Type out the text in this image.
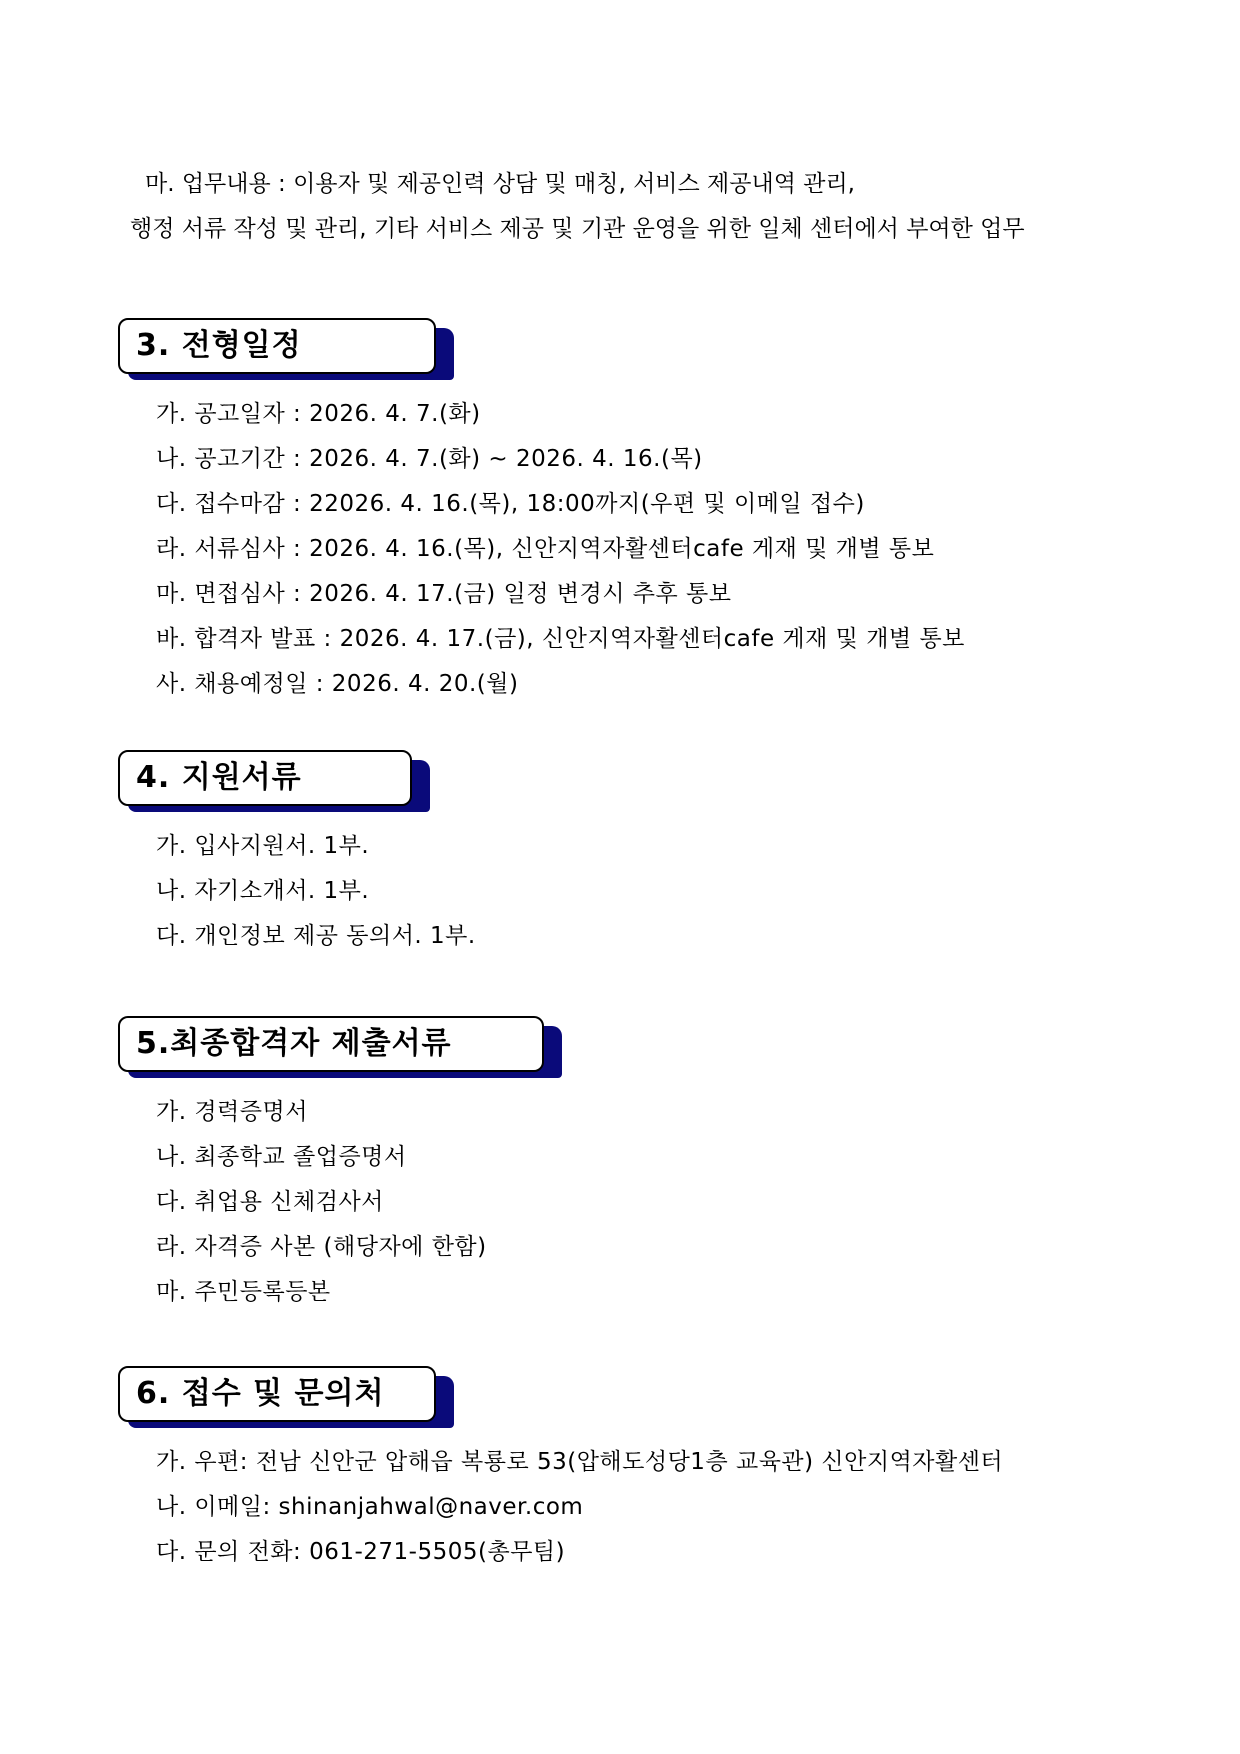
마. 업무내용 : 이용자 및 제공인력 상담 및 매칭, 서비스 제공내역 관리,
행정 서류 작성 및 관리, 기타 서비스 제공 및 기관 운영을 위한 일체 센터에서 부여한 업무
3. 전형일정
가. 공고일자 : 2026. 4. 7.(화)
나. 공고기간 : 2026. 4. 7.(화) ~ 2026. 4. 16.(목)
다. 접수마감 : 22026. 4. 16.(목), 18:00까지(우편 및 이메일 접수)
라. 서류심사 : 2026. 4. 16.(목), 신안지역자활센터cafe 게재 및 개별 통보
마. 면접심사 : 2026. 4. 17.(금) 일정 변경시 추후 통보
바. 합격자 발표 : 2026. 4. 17.(금), 신안지역자활센터cafe 게재 및 개별 통보
사. 채용예정일 : 2026. 4. 20.(월)
4. 지원서류
가. 입사지원서. 1부.
나. 자기소개서. 1부.
다. 개인정보 제공 동의서. 1부.
5.최종합격자 제출서류
가. 경력증명서
나. 최종학교 졸업증명서
다. 취업용 신체검사서
라. 자격증 사본 (해당자에 한함)
마. 주민등록등본
6. 접수 및 문의처
가. 우편: 전남 신안군 압해읍 복룡로 53(압해도성당1층 교육관) 신안지역자활센터
나. 이메일: shinanjahwal@naver.com
다. 문의 전화: 061-271-5505(총무팀)
